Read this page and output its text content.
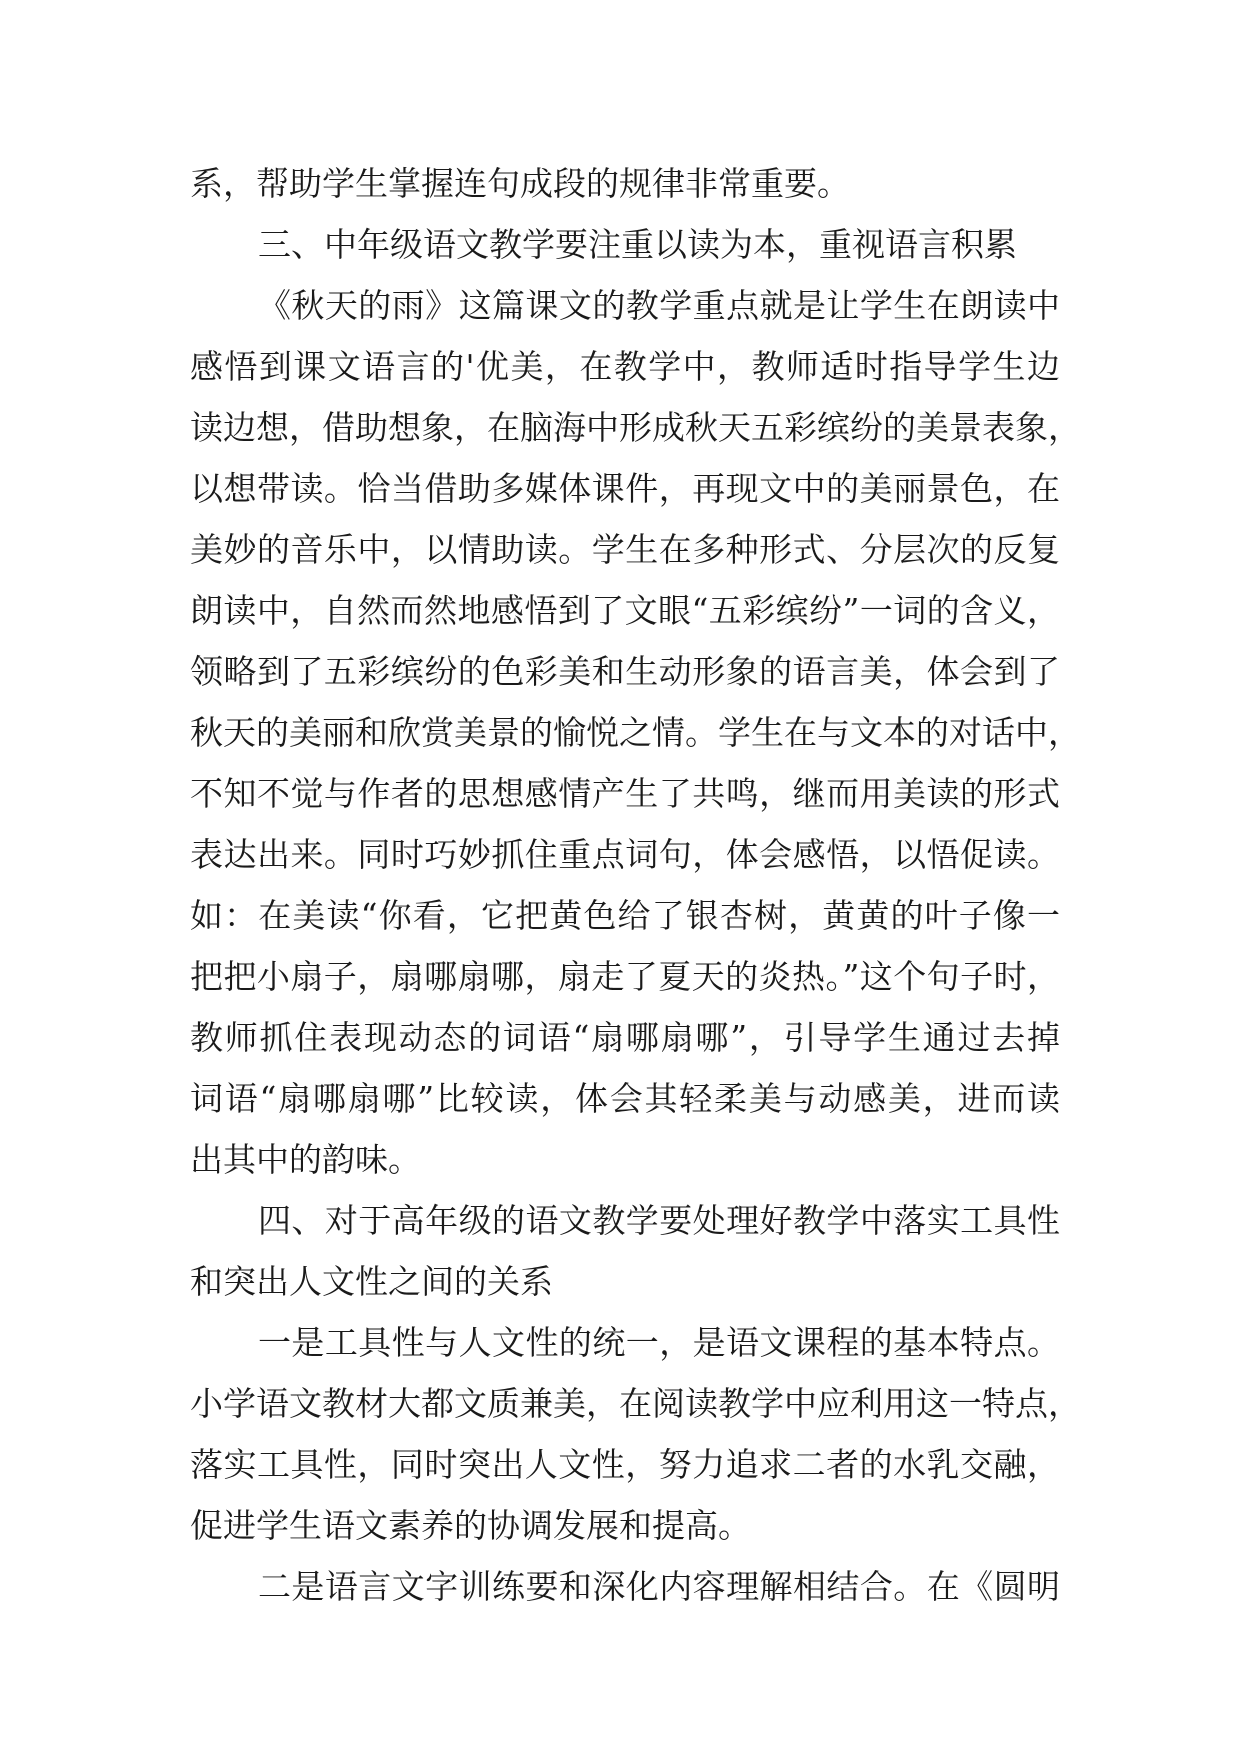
系，帮助学生掌握连句成段的规律非常重要。
三、中年级语文教学要注重以读为本，重视语言积累
《秋天的雨》这篇课文的教学重点就是让学生在朗读中
感悟到课文语言的'优美，在教学中，教师适时指导学生边
读边想，借助想象，在脑海中形成秋天五彩缤纷的美景表象，
以想带读。恰当借助多媒体课件，再现文中的美丽景色，在
美妙的音乐中，以情助读。学生在多种形式、分层次的反复
朗读中，自然而然地感悟到了文眼“五彩缤纷”一词的含义，
领略到了五彩缤纷的色彩美和生动形象的语言美，体会到了
秋天的美丽和欣赏美景的愉悦之情。学生在与文本的对话中，
不知不觉与作者的思想感情产生了共鸣，继而用美读的形式
表达出来。同时巧妙抓住重点词句，体会感悟，以悟促读。
如：在美读“你看，它把黄色给了银杏树，黄黄的叶子像一
把把小扇子，扇哪扇哪，扇走了夏天的炎热。”这个句子时，
教师抓住表现动态的词语“扇哪扇哪”，引导学生通过去掉
词语“扇哪扇哪”比较读，体会其轻柔美与动感美，进而读
出其中的韵味。
四、对于高年级的语文教学要处理好教学中落实工具性
和突出人文性之间的关系
一是工具性与人文性的统一，是语文课程的基本特点。
小学语文教材大都文质兼美，在阅读教学中应利用这一特点，
落实工具性，同时突出人文性，努力追求二者的水乳交融，
促进学生语文素养的协调发展和提高。
二是语言文字训练要和深化内容理解相结合。在《圆明
